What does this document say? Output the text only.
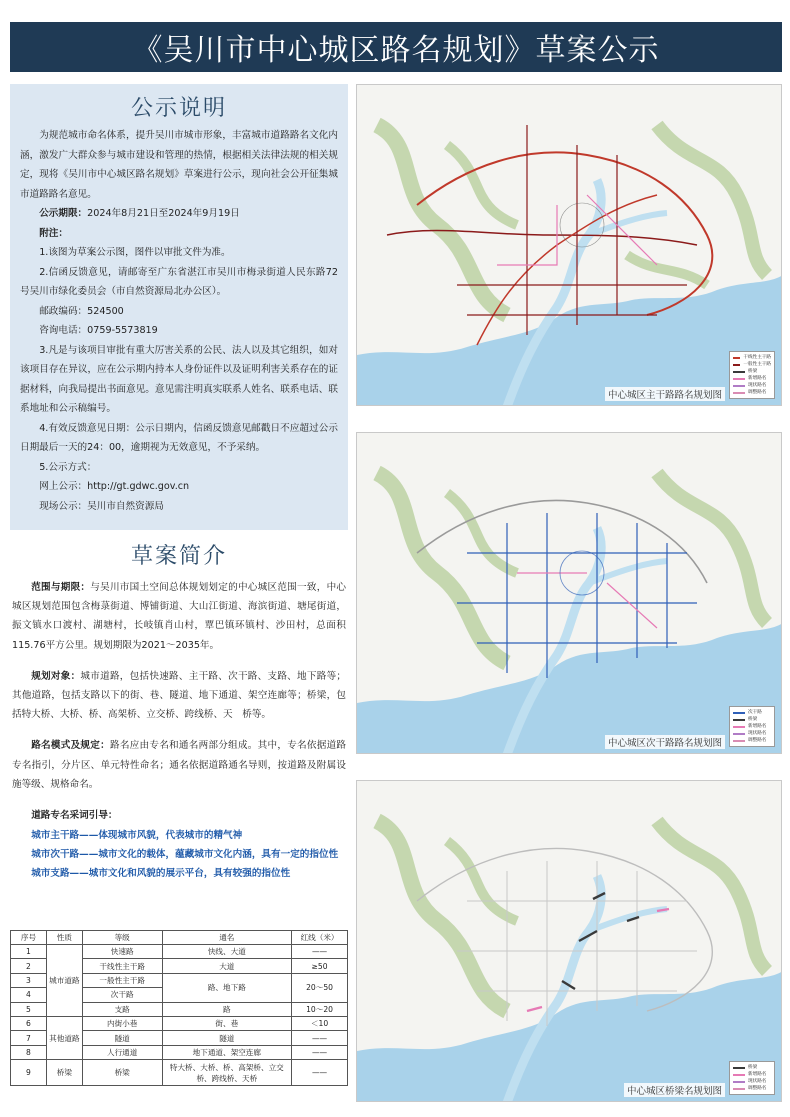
《吴川市中心城区路名规划》草案公示
公示说明
为规范城市命名体系，提升吴川市城市形象，丰富城市道路路名文化内涵，激发广大群众参与城市建设和管理的热情，根据相关法律法规的相关规定，现将《吴川市中心城区路名规划》草案进行公示，现向社会公开征集城市道路路名意见。
公示期限：2024年8月21日至2024年9月19日
附注：
1.该图为草案公示图，图件以审批文件为准。
2.信函反馈意见，请邮寄至广东省湛江市吴川市梅录街道人民东路72号吴川市绿化委员会（市自然资源局北办公区）。
邮政编码：524500
咨询电话：0759-5573819
3.凡是与该项目审批有重大厉害关系的公民、法人以及其它组织，如对该项目存在异议，应在公示期内持本人身份证件以及证明利害关系存在的证据材料，向我局提出书面意见。意见需注明真实联系人姓名、联系电话、联系地址和公示稿编号。
4.有效反馈意见日期：公示日期内，信函反馈意见邮戳日不应超过公示日期最后一天的24：00，逾期视为无效意见，不予采纳。
5.公示方式：
网上公示：http://gt.gdwc.gov.cn
现场公示：吴川市自然资源局
草案简介
范围与期限：与吴川市国土空间总体规划划定的中心城区范围一致，中心城区规划范围包含梅菉街道、博铺街道、大山江街道、海滨街道、塘尾街道，振文镇水口渡村、湖塘村，长岐镇肖山村，覃巴镇环镇村、沙田村，总面积115.76平方公里。规划期限为2021～2035年。
规划对象：城市道路，包括快速路、主干路、次干路、支路、地下路等；其他道路，包括支路以下的街、巷、隧道、地下通道、架空连廊等；桥梁，包括特大桥、大桥、桥、高架桥、立交桥、跨线桥、天　桥等。
路名模式及规定：路名应由专名和通名两部分组成。其中，专名依据道路专名指引，分片区、单元特性命名；通名依据道路通名导则，按道路及附属设施等级、规格命名。
道路专名采词引导：
城市主干路——体现城市风貌，代表城市的精气神
城市次干路——城市文化的载体，蕴藏城市文化内涵，具有一定的指位性
城市支路——城市文化和风貌的展示平台，具有较强的指位性
序号	性质	等级	通名	红线（米）
1	城市道路	快速路	快线、大道	——
2		干线性主干路	大道	≥50
3		一般性主干路	路、地下路	20～50
4		次干路		
5		支路	路	10～20
6	其他道路	内街小巷	街、巷	＜10
7		隧道	隧道	——
8		人行通道	地下通道、架空连廊	——
9	桥梁	桥梁	特大桥、大桥、桥、高架桥、立交桥、跨线桥、天桥	——
中心城区主干路路名规划图
干线性主干路
一般性主干路
桥梁
新增路名
现状路名
调整路名
中心城区次干路路名规划图
次干路
桥梁
新增路名
现状路名
调整路名
中心城区桥梁名规划图
桥梁
新增路名
现状路名
调整路名
